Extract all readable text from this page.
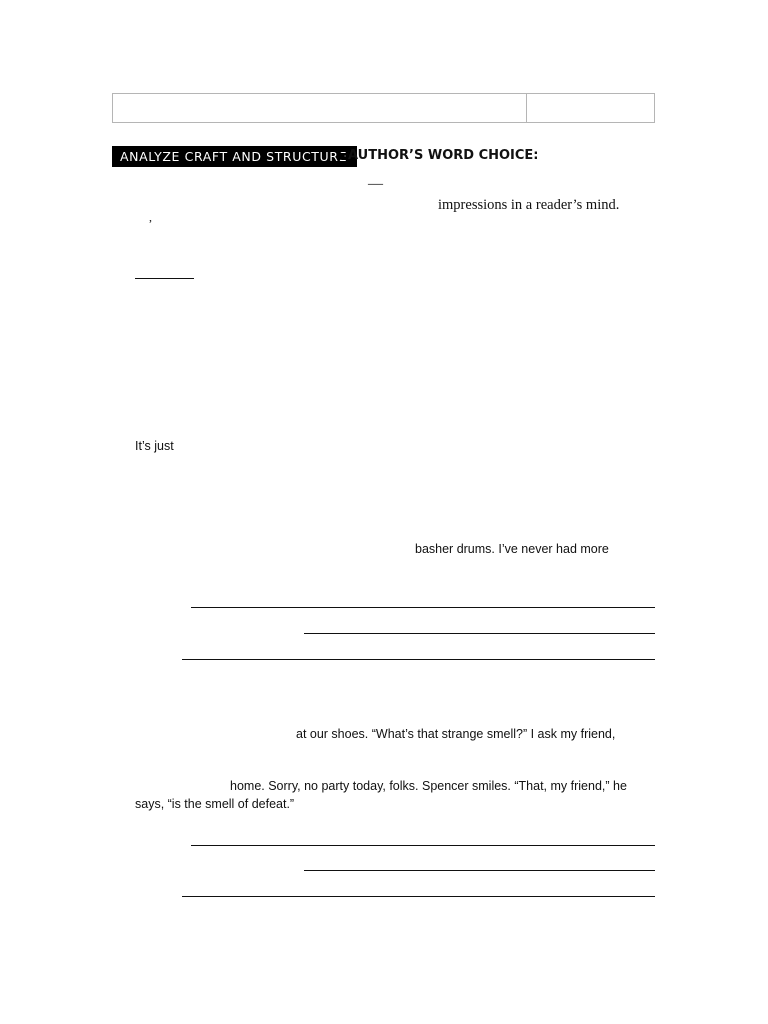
ANALYZE CRAFT AND STRUCTURE AUTHOR’S WORD CHOICE:
—
impressions in a reader’s mind.
,
It’s just
basher drums. I’ve never had more
at our shoes. “What’s that strange smell?” I ask my friend,
home. Sorry, no party today, folks. Spencer smiles. “That, my friend,” he
says, “is the smell of defeat.”
